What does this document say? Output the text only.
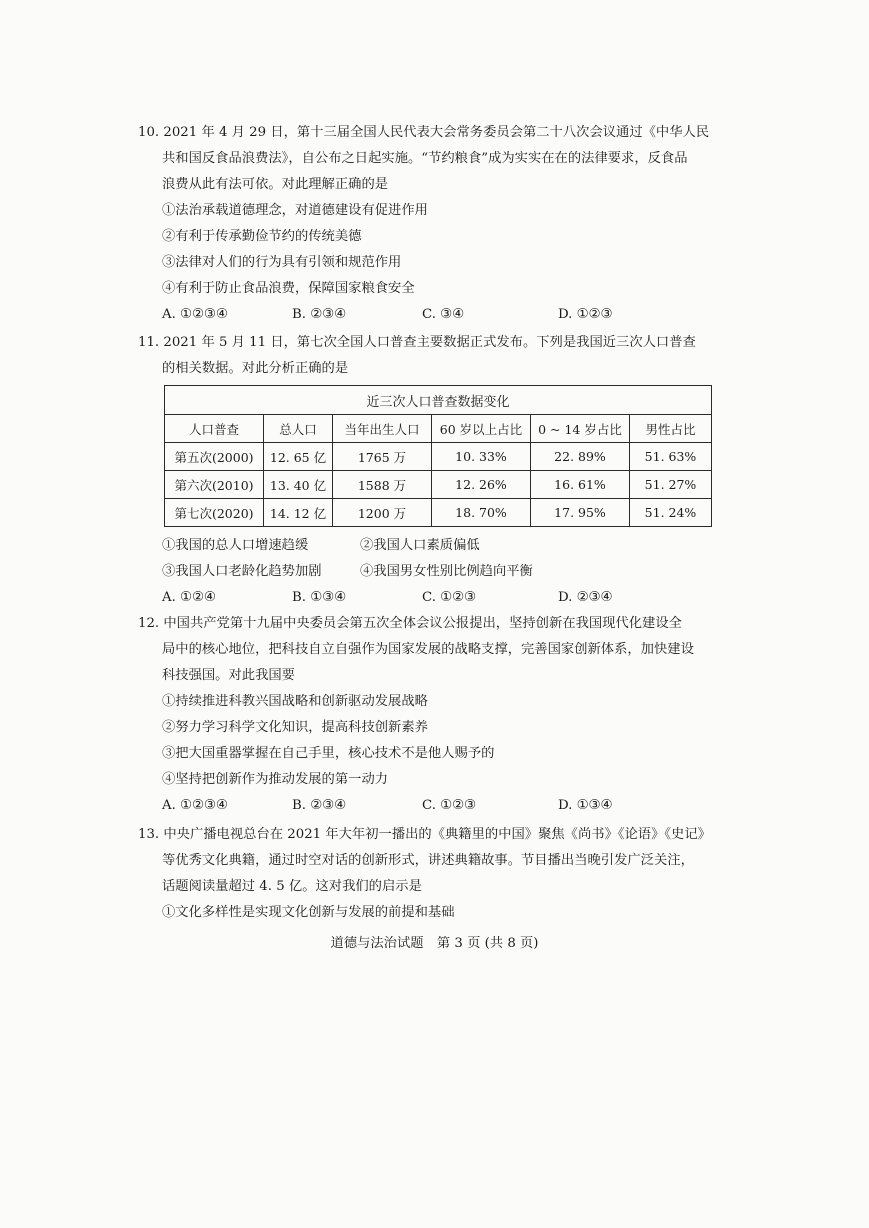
10. 2021 年 4 月 29 日，第十三届全国人民代表大会常务委员会第二十八次会议通过《中华人民

共和国反食品浪费法》，自公布之日起实施。“节约粮食”成为实实在在的法律要求，反食品

浪费从此有法可依。对此理解正确的是

①法治承载道德理念，对道德建设有促进作用

②有利于传承勤俭节约的传统美德

③法律对人们的行为具有引领和规范作用

④有利于防止食品浪费，保障国家粮食安全

A. ①②③④	B. ②③④	C. ③④	D. ①②③

11. 2021 年 5 月 11 日，第七次全国人口普查主要数据正式发布。下列是我国近三次人口普查

的相关数据。对此分析正确的是

近三次人口普查数据变化					
人口普查	总人口	当年出生人口	60 岁以上占比	0 ~ 14 岁占比	男性占比
第五次(2000)	12. 65 亿	1765 万	10. 33%	22. 89%	51. 63%
第六次(2010)	13. 40 亿	1588 万	12. 26%	16. 61%	51. 27%
第七次(2020)	14. 12 亿	1200 万	18. 70%	17. 95%	51. 24%
①我国的总人口增速趋缓	②我国人口素质偏低
③我国人口老龄化趋势加剧	④我国男女性别比例趋向平衡
A. ①②④	B. ①③④	C. ①②③	D. ②③④

12. 中国共产党第十九届中央委员会第五次全体会议公报提出，坚持创新在我国现代化建设全

局中的核心地位，把科技自立自强作为国家发展的战略支撑，完善国家创新体系，加快建设

科技强国。对此我国要

①持续推进科教兴国战略和创新驱动发展战略

②努力学习科学文化知识，提高科技创新素养

③把大国重器掌握在自己手里，核心技术不是他人赐予的

④坚持把创新作为推动发展的第一动力

A. ①②③④	B. ②③④	C. ①②③	D. ①③④

13. 中央广播电视总台在 2021 年大年初一播出的《典籍里的中国》聚焦《尚书》《论语》《史记》

等优秀文化典籍，通过时空对话的创新形式，讲述典籍故事。节目播出当晚引发广泛关注，

话题阅读量超过 4. 5 亿。这对我们的启示是

①文化多样性是实现文化创新与发展的前提和基础

道德与法治试题　第 3 页 (共 8 页)
